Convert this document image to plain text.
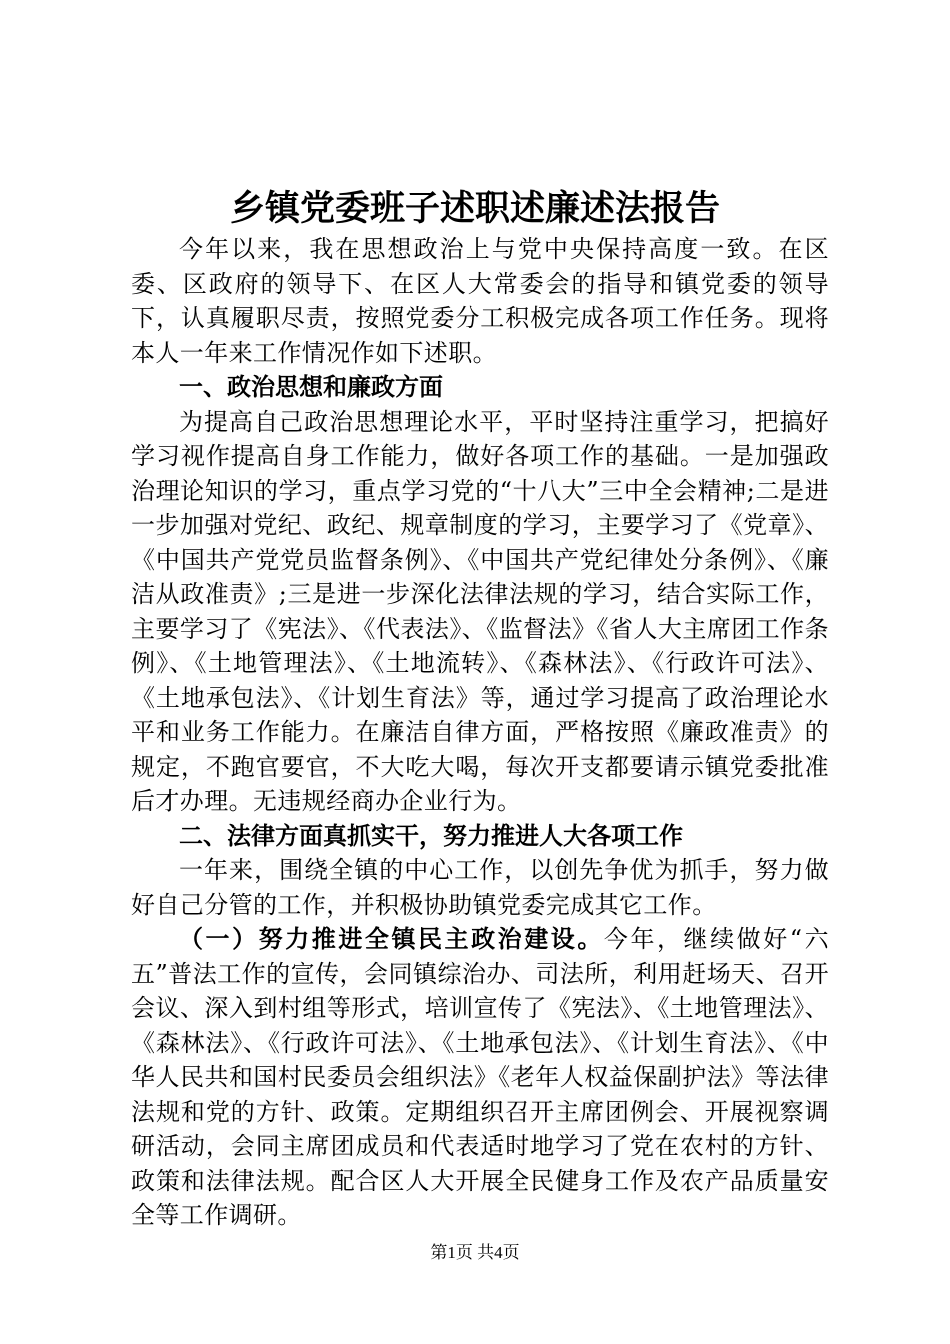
乡镇党委班子述职述廉述法报告

今年以来，我在思想政治上与党中央保持高度一致。在区委、区政府的领导下、在区人大常委会的指导和镇党委的领导下，认真履职尽责，按照党委分工积极完成各项工作任务。现将本人一年来工作情况作如下述职。

一、政治思想和廉政方面

为提高自己政治思想理论水平，平时坚持注重学习，把搞好学习视作提高自身工作能力，做好各项工作的基础。一是加强政治理论知识的学习，重点学习党的“十八大”三中全会精神;二是进一步加强对党纪、政纪、规章制度的学习，主要学习了《党章》、《中国共产党党员监督条例》、《中国共产党纪律处分条例》、《廉洁从政准责》;三是进一步深化法律法规的学习，结合实际工作，主要学习了《宪法》、《代表法》、《监督法》《省人大主席团工作条例》、《土地管理法》、《土地流转》、《森林法》、《行政许可法》、《土地承包法》、《计划生育法》等，通过学习提高了政治理论水平和业务工作能力。在廉洁自律方面，严格按照《廉政准责》的规定，不跑官要官，不大吃大喝，每次开支都要请示镇党委批准后才办理。无违规经商办企业行为。

二、法律方面真抓实干，努力推进人大各项工作

一年来，围绕全镇的中心工作，以创先争优为抓手，努力做好自己分管的工作，并积极协助镇党委完成其它工作。

（一）努力推进全镇民主政治建设。今年，继续做好“六五”普法工作的宣传，会同镇综治办、司法所，利用赶场天、召开会议、深入到村组等形式，培训宣传了《宪法》、《土地管理法》、《森林法》、《行政许可法》、《土地承包法》、《计划生育法》、《中华人民共和国村民委员会组织法》《老年人权益保副护法》等法律法规和党的方针、政策。定期组织召开主席团例会、开展视察调研活动，会同主席团成员和代表适时地学习了党在农村的方针、政策和法律法规。配合区人大开展全民健身工作及农产品质量安全等工作调研。

第1页 共4页
